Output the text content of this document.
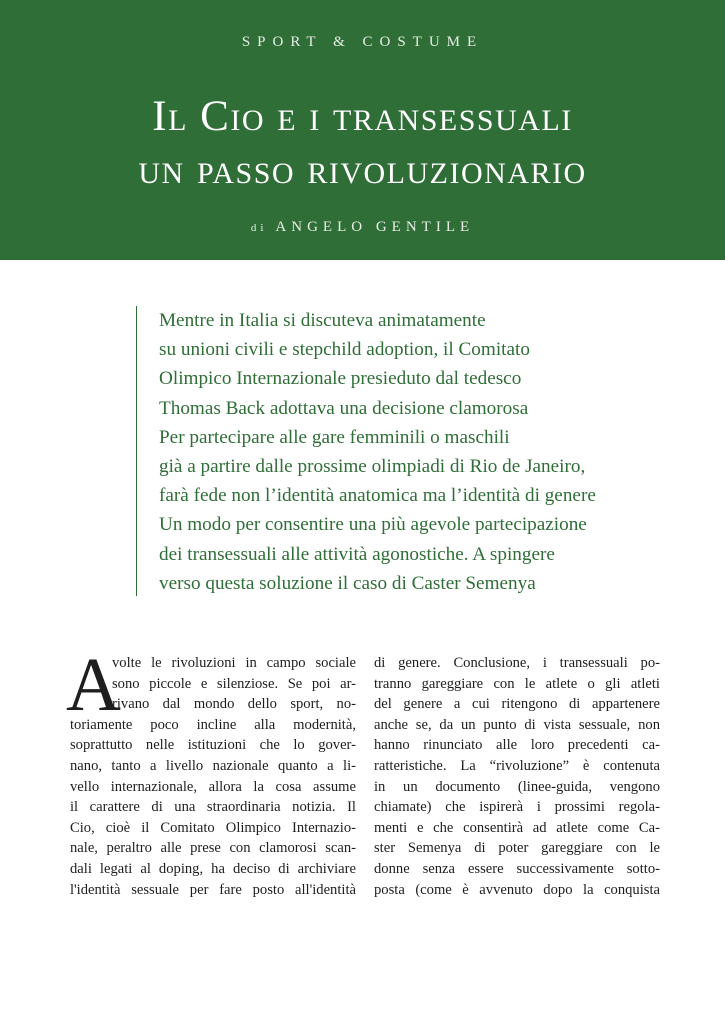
SPORT & COSTUME
Il Cio e i transessuali
un passo rivoluzionario
di ANGELO GENTILE
Mentre in Italia si discuteva animatamente
su unioni civili e stepchild adoption, il Comitato
Olimpico Internazionale presieduto dal tedesco
Thomas Back adottava una decisione clamorosa
Per partecipare alle gare femminili o maschili
già a partire dalle prossime olimpiadi di Rio de Janeiro,
farà fede non l’identità anatomica ma l’identità di genere
Un modo per consentire una più agevole partecipazione
dei transessuali alle attività agonostiche. A spingere
verso questa soluzione il caso di Caster Semenya
A
volte le rivoluzioni in campo sociale
sono piccole e silenziose. Se poi ar-
rivano dal mondo dello sport, no-
toriamente poco incline alla modernità,
soprattutto nelle istituzioni che lo gover-
nano, tanto a livello nazionale quanto a li-
vello internazionale, allora la cosa assume
il carattere di una straordinaria notizia. Il
Cio, cioè il Comitato Olimpico Internazio-
nale, peraltro alle prese con clamorosi scan-
dali legati al doping, ha deciso di archiviare
l'identità sessuale per fare posto all'identità
di genere. Conclusione, i transessuali po-
tranno gareggiare con le atlete o gli atleti
del genere a cui ritengono di appartenere
anche se, da un punto di vista sessuale, non
hanno rinunciato alle loro precedenti ca-
ratteristiche. La “rivoluzione” è contenuta
in un documento (linee-guida, vengono
chiamate) che ispirerà i prossimi regola-
menti e che consentirà ad atlete come Ca-
ster Semenya di poter gareggiare con le
donne senza essere successivamente sotto-
posta (come è avvenuto dopo la conquista
